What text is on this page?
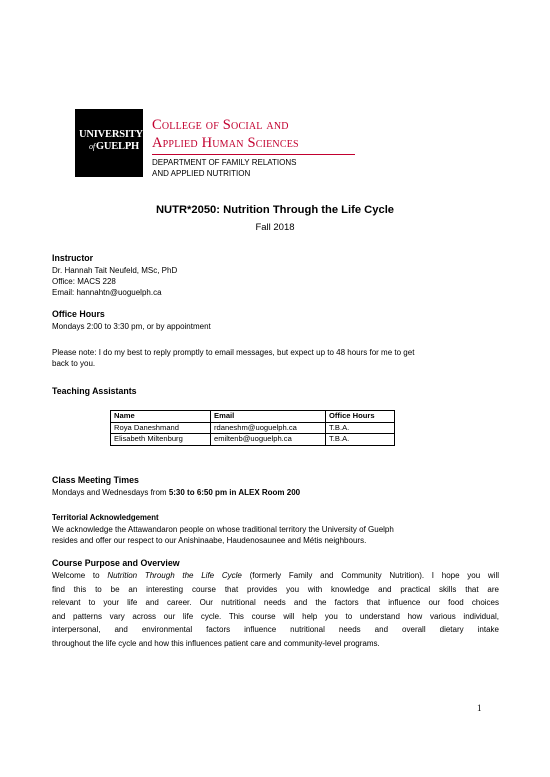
UNIVERSITY
ofGUELPH
College of Social and
Applied Human Sciences
DEPARTMENT OF FAMILY RELATIONS
AND APPLIED NUTRITION
NUTR*2050: Nutrition Through the Life Cycle
Fall 2018
Instructor
Dr. Hannah Tait Neufeld, MSc, PhD
Office: MACS 228
Email: hannahtn@uoguelph.ca
Office Hours
Mondays 2:00 to 3:30 pm, or by appointment
Please note: I do my best to reply promptly to email messages, but expect up to 48 hours for me to get
back to you.
Teaching Assistants
Name	Email	Office Hours
Roya Daneshmand	rdaneshm@uoguelph.ca	T.B.A.
Elisabeth Miltenburg	emiltenb@uoguelph.ca	T.B.A.
Class Meeting Times
Mondays and Wednesdays from 5:30 to 6:50 pm in ALEX Room 200
Territorial Acknowledgement
We acknowledge the Attawandaron people on whose traditional territory the University of Guelph
resides and offer our respect to our Anishinaabe, Haudenosaunee and Métis neighbours.
Course Purpose and Overview
Welcome to Nutrition Through the Life Cycle (formerly Family and Community Nutrition). I hope you will
find this to be an interesting course that provides you with knowledge and practical skills that are
relevant to your life and career. Our nutritional needs and the factors that influence our food choices
and patterns vary across our life cycle. This course will help you to understand how various individual,
interpersonal, and environmental factors influence nutritional needs and overall dietary intake
throughout the life cycle and how this influences patient care and community-level programs.
1
